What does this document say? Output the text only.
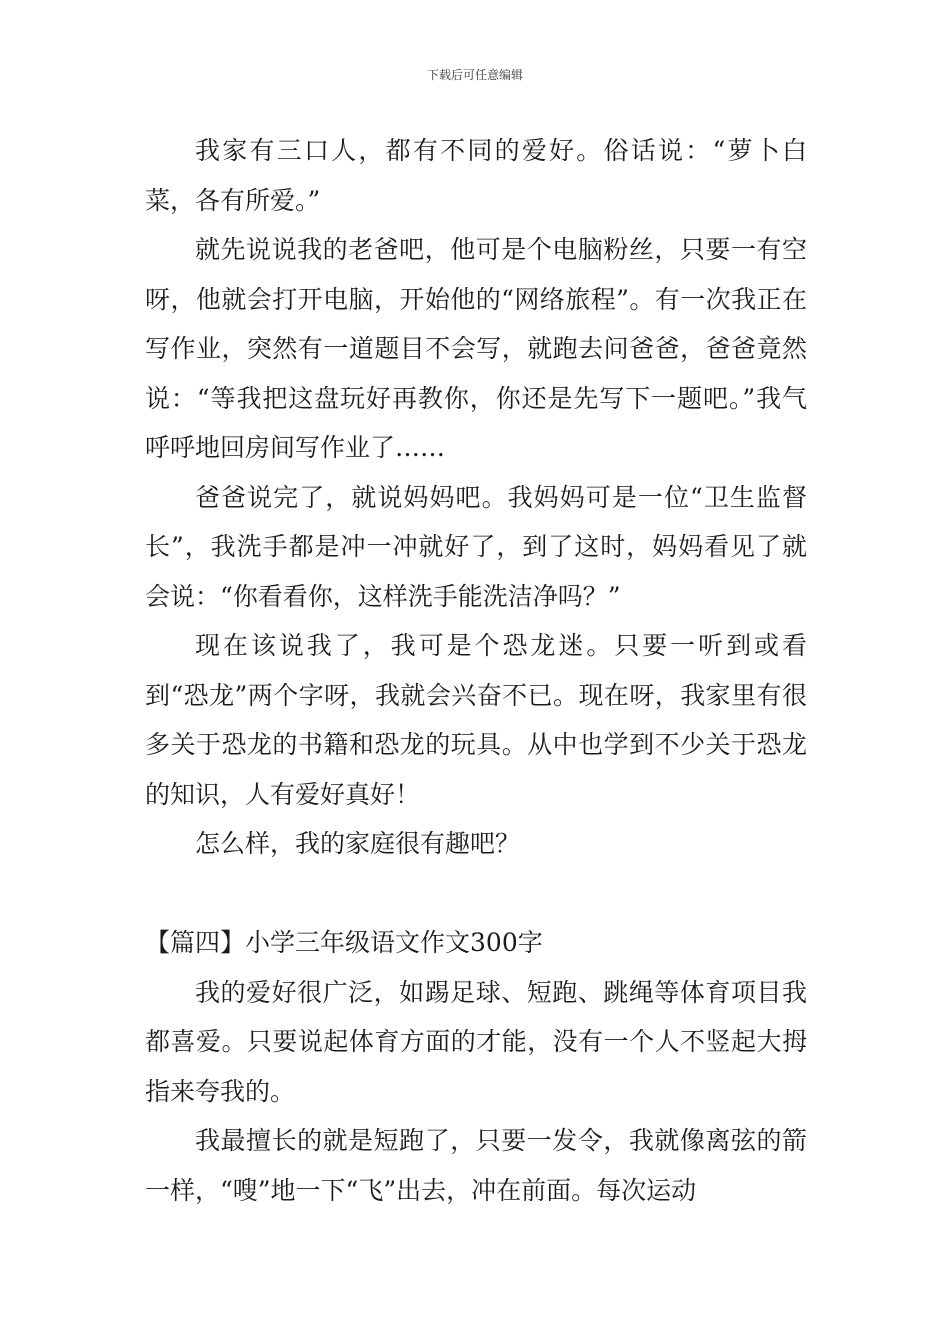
下载后可任意编辑

我家有三口人，都有不同的爱好。俗话说：“萝卜白菜，各有所爱。”

就先说说我的老爸吧，他可是个电脑粉丝，只要一有空呀，他就会打开电脑，开始他的“网络旅程”。有一次我正在写作业，突然有一道题目不会写，就跑去问爸爸，爸爸竟然说：“等我把这盘玩好再教你，你还是先写下一题吧。”我气呼呼地回房间写作业了……

爸爸说完了，就说妈妈吧。我妈妈可是一位“卫生监督长”，我洗手都是冲一冲就好了，到了这时，妈妈看见了就会说：“你看看你，这样洗手能洗洁净吗？”

现在该说我了，我可是个恐龙迷。只要一听到或看到“恐龙”两个字呀，我就会兴奋不已。现在呀，我家里有很多关于恐龙的书籍和恐龙的玩具。从中也学到不少关于恐龙的知识，人有爱好真好！

怎么样，我的家庭很有趣吧？

【篇四】小学三年级语文作文300字

我的爱好很广泛，如踢足球、短跑、跳绳等体育项目我都喜爱。只要说起体育方面的才能，没有一个人不竖起大拇指来夸我的。

我最擅长的就是短跑了，只要一发令，我就像离弦的箭一样，“嗖”地一下“飞”出去，冲在前面。每次运动
